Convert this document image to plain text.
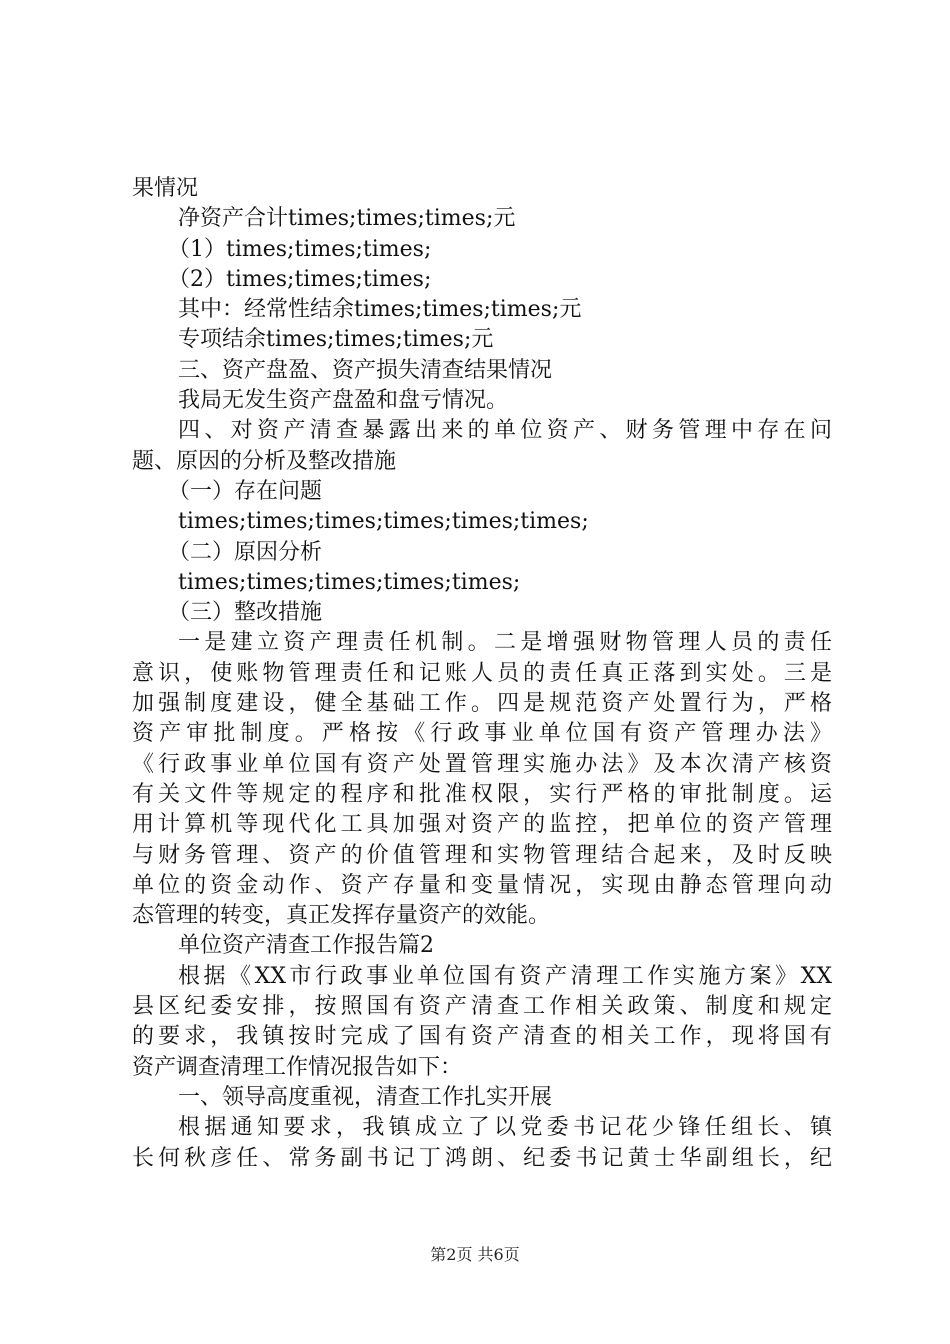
果情况
净资产合计times;times;times;元
（1）times;times;times;
（2）times;times;times;
其中：经常性结余times;times;times;元
专项结余times;times;times;元
三、资产盘盈、资产损失清查结果情况
我局无发生资产盘盈和盘亏情况。
四、对资产清查暴露出来的单位资产、财务管理中存在问
题、原因的分析及整改措施
（一）存在问题
times;times;times;times;times;times;
（二）原因分析
times;times;times;times;times;
（三）整改措施
一是建立资产理责任机制。二是增强财物管理人员的责任
意识，使账物管理责任和记账人员的责任真正落到实处。三是
加强制度建设，健全基础工作。四是规范资产处置行为，严格
资产审批制度。严格按《行政事业单位国有资产管理办法》
《行政事业单位国有资产处置管理实施办法》及本次清产核资
有关文件等规定的程序和批准权限，实行严格的审批制度。运
用计算机等现代化工具加强对资产的监控，把单位的资产管理
与财务管理、资产的价值管理和实物管理结合起来，及时反映
单位的资金动作、资产存量和变量情况，实现由静态管理向动
态管理的转变，真正发挥存量资产的效能。
单位资产清查工作报告篇2
根据《XX市行政事业单位国有资产清理工作实施方案》XX
县区纪委安排，按照国有资产清查工作相关政策、制度和规定
的要求，我镇按时完成了国有资产清查的相关工作，现将国有
资产调查清理工作情况报告如下：
一、领导高度重视，清查工作扎实开展
根据通知要求，我镇成立了以党委书记花少锋任组长、镇
长何秋彦任、常务副书记丁鸿朗、纪委书记黄士华副组长，纪
第2页 共6页
